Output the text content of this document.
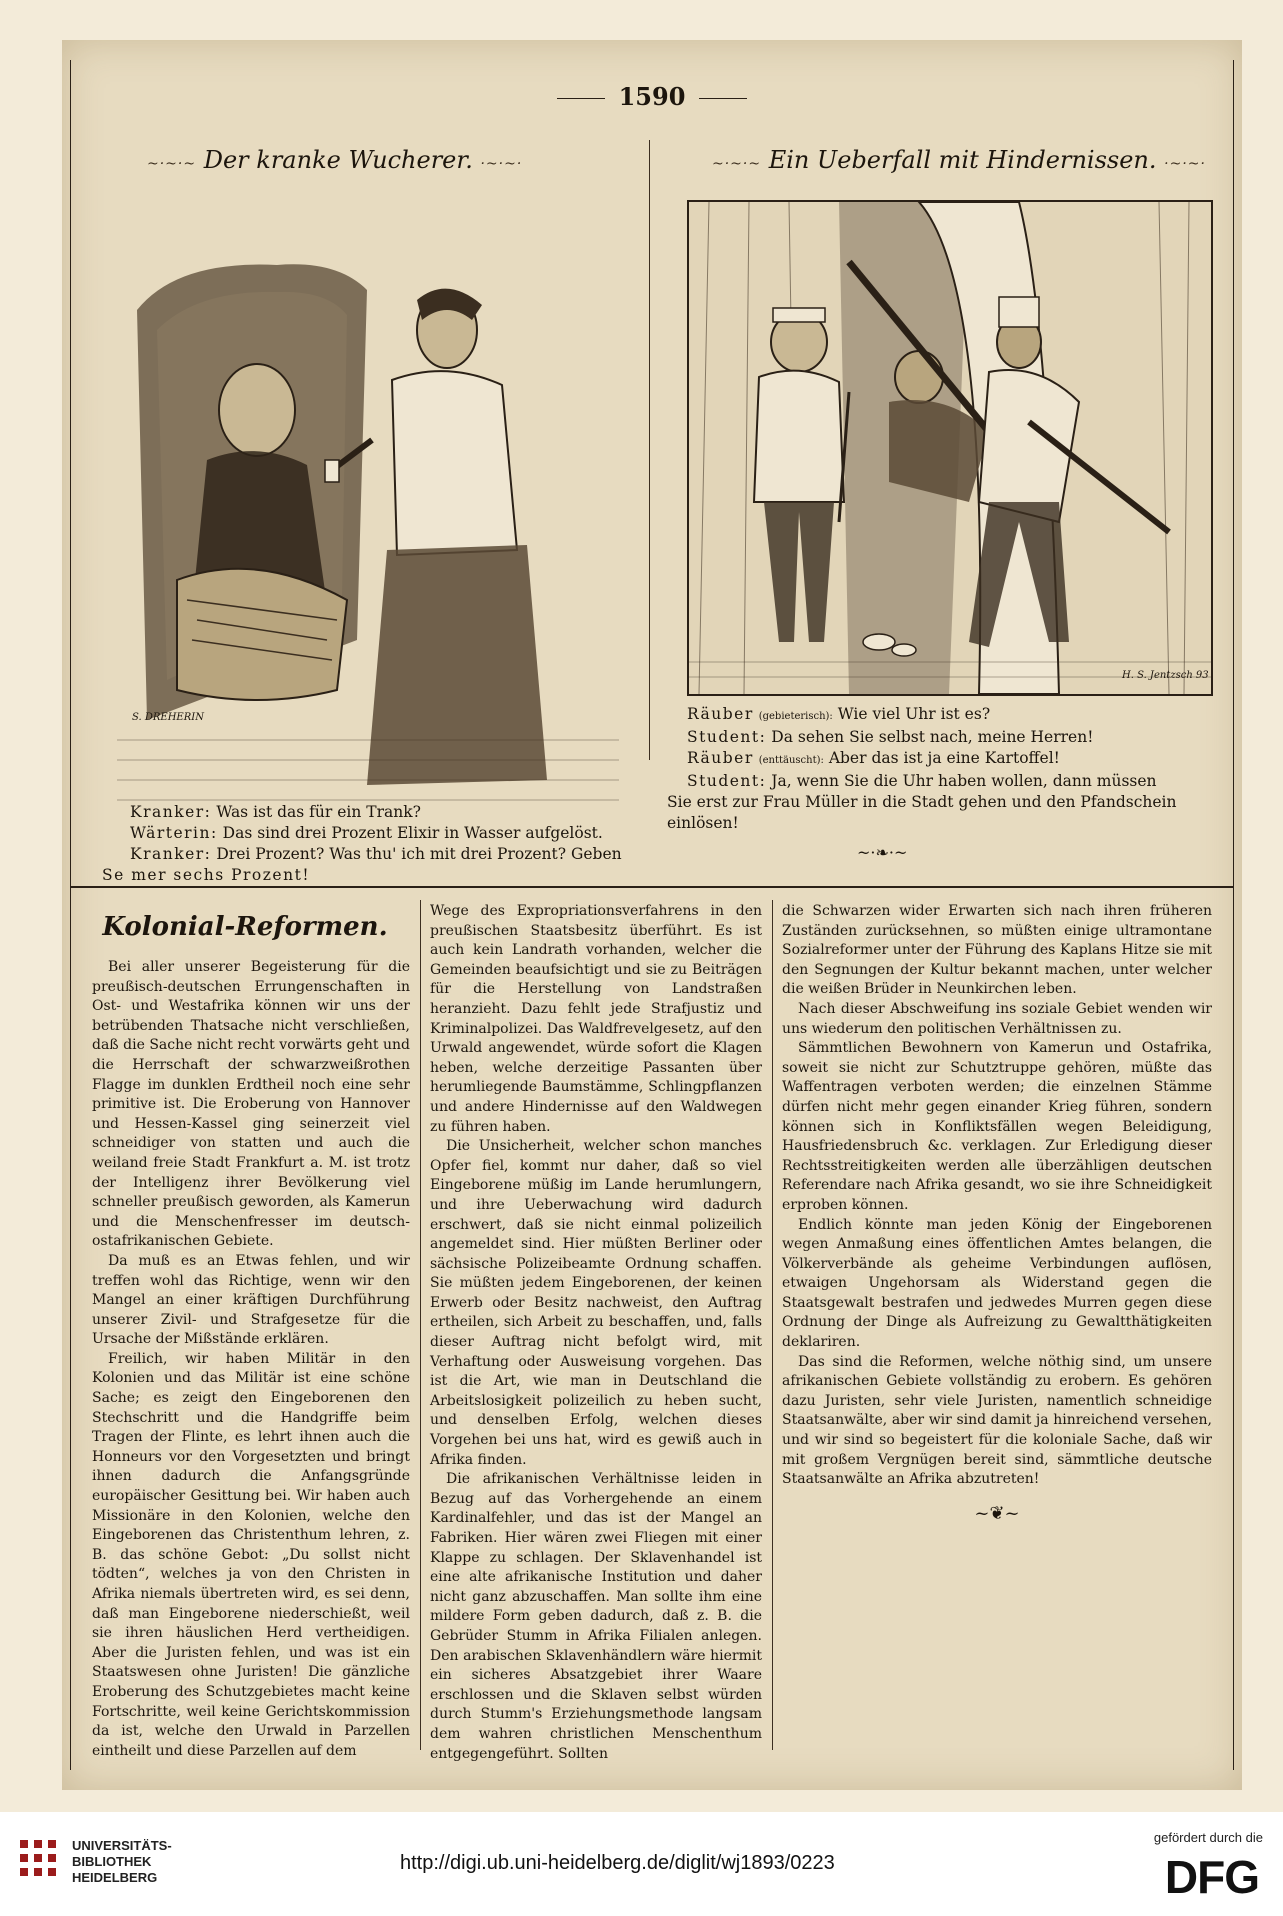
1590
~·~·~ Der kranke Wucherer. ·~·~·
S. DREHERIN
~·~·~ Ein Ueberfall mit Hindernissen. ·~·~·
H. S. Jentzsch 93
Kranker: Was ist das für ein Trank?
Wärterin: Das sind drei Prozent Elixir in Wasser aufgelöst.
Kranker: Drei Prozent? Was thu' ich mit drei Prozent? Geben
Se mer sechs Prozent!
Räuber (gebieterisch): Wie viel Uhr ist es?
Student: Da sehen Sie selbst nach, meine Herren!
Räuber (enttäuscht): Aber das ist ja eine Kartoffel!
Student: Ja, wenn Sie die Uhr haben wollen, dann müssen
Sie erst zur Frau Müller in die Stadt gehen und den Pfandschein
einlösen!
~·❧·~
Kolonial-Reformen.

Bei aller unserer Begeisterung für die preußisch-deutschen Errungenschaften in Ost- und Westafrika können wir uns der betrübenden Thatsache nicht verschließen, daß die Sache nicht recht vorwärts geht und die Herrschaft der schwarzweißrothen Flagge im dunklen Erdtheil noch eine sehr primitive ist. Die Eroberung von Hannover und Hessen-Kassel ging seinerzeit viel schneidiger von statten und auch die weiland freie Stadt Frankfurt a. M. ist trotz der Intelligenz ihrer Bevölkerung viel schneller preußisch geworden, als Kamerun und die Menschenfresser im deutsch-ostafrikanischen Gebiete.

Da muß es an Etwas fehlen, und wir treffen wohl das Richtige, wenn wir den Mangel an einer kräftigen Durchführung unserer Zivil- und Strafgesetze für die Ursache der Mißstände erklären.

Freilich, wir haben Militär in den Kolonien und das Militär ist eine schöne Sache; es zeigt den Eingeborenen den Stechschritt und die Handgriffe beim Tragen der Flinte, es lehrt ihnen auch die Honneurs vor den Vorgesetzten und bringt ihnen dadurch die Anfangsgründe europäischer Gesittung bei. Wir haben auch Missionäre in den Kolonien, welche den Eingeborenen das Christenthum lehren, z. B. das schöne Gebot: „Du sollst nicht tödten“, welches ja von den Christen in Afrika niemals übertreten wird, es sei denn, daß man Eingeborene niederschießt, weil sie ihren häuslichen Herd vertheidigen. Aber die Juristen fehlen, und was ist ein Staatswesen ohne Juristen! Die gänzliche Eroberung des Schutzgebietes macht keine Fortschritte, weil keine Gerichtskommission da ist, welche den Urwald in Parzellen eintheilt und diese Parzellen auf dem

Wege des Expropriationsverfahrens in den preußischen Staatsbesitz überführt. Es ist auch kein Landrath vorhanden, welcher die Gemeinden beaufsichtigt und sie zu Beiträgen für die Herstellung von Landstraßen heranzieht. Dazu fehlt jede Strafjustiz und Kriminalpolizei. Das Waldfrevelgesetz, auf den Urwald angewendet, würde sofort die Klagen heben, welche derzeitige Passanten über herumliegende Baumstämme, Schlingpflanzen und andere Hindernisse auf den Waldwegen zu führen haben.

Die Unsicherheit, welcher schon manches Opfer fiel, kommt nur daher, daß so viel Eingeborene müßig im Lande herumlungern, und ihre Ueberwachung wird dadurch erschwert, daß sie nicht einmal polizeilich angemeldet sind. Hier müßten Berliner oder sächsische Polizeibeamte Ordnung schaffen. Sie müßten jedem Eingeborenen, der keinen Erwerb oder Besitz nachweist, den Auftrag ertheilen, sich Arbeit zu beschaffen, und, falls dieser Auftrag nicht befolgt wird, mit Verhaftung oder Ausweisung vorgehen. Das ist die Art, wie man in Deutschland die Arbeitslosigkeit polizeilich zu heben sucht, und denselben Erfolg, welchen dieses Vorgehen bei uns hat, wird es gewiß auch in Afrika finden.

Die afrikanischen Verhältnisse leiden in Bezug auf das Vorhergehende an einem Kardinalfehler, und das ist der Mangel an Fabriken. Hier wären zwei Fliegen mit einer Klappe zu schlagen. Der Sklavenhandel ist eine alte afrikanische Institution und daher nicht ganz abzuschaffen. Man sollte ihm eine mildere Form geben dadurch, daß z. B. die Gebrüder Stumm in Afrika Filialen anlegen. Den arabischen Sklavenhändlern wäre hiermit ein sicheres Absatzgebiet ihrer Waare erschlossen und die Sklaven selbst würden durch Stumm's Erziehungsmethode langsam dem wahren christlichen Menschenthum entgegengeführt. Sollten

die Schwarzen wider Erwarten sich nach ihren früheren Zuständen zurücksehnen, so müßten einige ultramontane Sozialreformer unter der Führung des Kaplans Hitze sie mit den Segnungen der Kultur bekannt machen, unter welcher die weißen Brüder in Neunkirchen leben.

Nach dieser Abschweifung ins soziale Gebiet wenden wir uns wiederum den politischen Verhältnissen zu.

Sämmtlichen Bewohnern von Kamerun und Ostafrika, soweit sie nicht zur Schutztruppe gehören, müßte das Waffentragen verboten werden; die einzelnen Stämme dürfen nicht mehr gegen einander Krieg führen, sondern können sich in Konfliktsfällen wegen Beleidigung, Hausfriedensbruch &c. verklagen. Zur Erledigung dieser Rechtsstreitigkeiten werden alle überzähligen deutschen Referendare nach Afrika gesandt, wo sie ihre Schneidigkeit erproben können.

Endlich könnte man jeden König der Eingeborenen wegen Anmaßung eines öffentlichen Amtes belangen, die Völkerverbände als geheime Verbindungen auflösen, etwaigen Ungehorsam als Widerstand gegen die Staatsgewalt bestrafen und jedwedes Murren gegen diese Ordnung der Dinge als Aufreizung zu Gewaltthätigkeiten deklariren.

Das sind die Reformen, welche nöthig sind, um unsere afrikanischen Gebiete vollständig zu erobern. Es gehören dazu Juristen, sehr viele Juristen, namentlich schneidige Staatsanwälte, aber wir sind damit ja hinreichend versehen, und wir sind so begeistert für die koloniale Sache, daß wir mit großem Vergnügen bereit sind, sämmtliche deutsche Staatsanwälte an Afrika abzutreten!

~❦~
UNIVERSITÄTS-
BIBLIOTHEK
HEIDELBERG
http://digi.ub.uni-heidelberg.de/diglit/wj1893/0223
gefördert durch die
DFG
